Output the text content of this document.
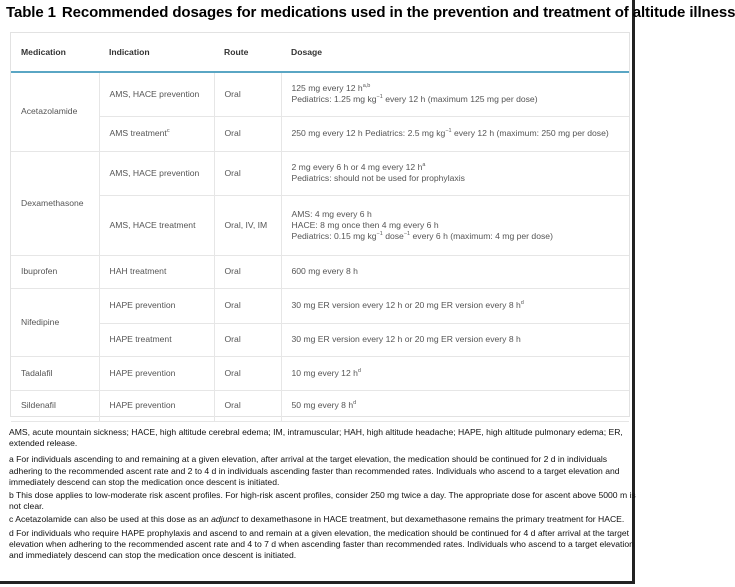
Table 1 Recommended dosages for medications used in the prevention and treatment of altitude illness
Medication	Indication	Route	Dosage
Acetazolamide	AMS, HACE prevention	Oral	125 mg every 12 $h^{a,b}$
Pediatrics: 1.25 mg $kg^{-1}$ every 12 h (maximum 125 mg per dose)
	AMS treatment$^c$	Oral	250 mg every 12 h Pediatrics: 2.5 mg $kg^{-1}$ every 12 h (maximum: 250 mg per dose)
Dexamethasone	AMS, HACE prevention	Oral	2 mg every 6 h or 4 mg every 12 $h^a$
Pediatrics: should not be used for prophylaxis
	AMS, HACE treatment	Oral, IV, IM	AMS: 4 mg every 6 h
HACE: 8 mg once then 4 mg every 6 h
Pediatrics: 0.15 mg $kg^{-1}$ dose$^{-1}$ every 6 h (maximum: 4 mg per dose)
Ibuprofen	HAH treatment	Oral	600 mg every 8 h
Nifedipine	HAPE prevention	Oral	30 mg ER version every 12 h or 20 mg ER version every 8 $h^d$
	HAPE treatment	Oral	30 mg ER version every 12 h or 20 mg ER version every 8 h
Tadalafil	HAPE prevention	Oral	10 mg every 12 $h^d$
Sildenafil	HAPE prevention	Oral	50 mg every 8 $h^d$

AMS, acute mountain sickness; HACE, high altitude cerebral edema; IM, intramuscular; HAH, high altitude headache; HAPE, high altitude pulmonary edema; ER, extended release.

a For individuals ascending to and remaining at a given elevation, after arrival at the target elevation, the medication should be continued for 2 d in individuals adhering to the recommended ascent rate and 2 to 4 d in individuals ascending faster than recommended rates. Individuals who ascend to a target elevation and immediately descend can stop the medication once descent is initiated.

b This dose applies to low-moderate risk ascent profiles. For high-risk ascent profiles, consider 250 mg twice a day. The appropriate dose for ascent above 5000 m is not clear.

c Acetazolamide can also be used at this dose as an adjunct to dexamethasone in HACE treatment, but dexamethasone remains the primary treatment for HACE.

d For individuals who require HAPE prophylaxis and ascend to and remain at a given elevation, the medication should be continued for 4 d after arrival at the target elevation when adhering to the recommended ascent rate and 4 to 7 d when ascending faster than recommended rates. Individuals who ascend to a target elevation and immediately descend can stop the medication once descent is initiated.
